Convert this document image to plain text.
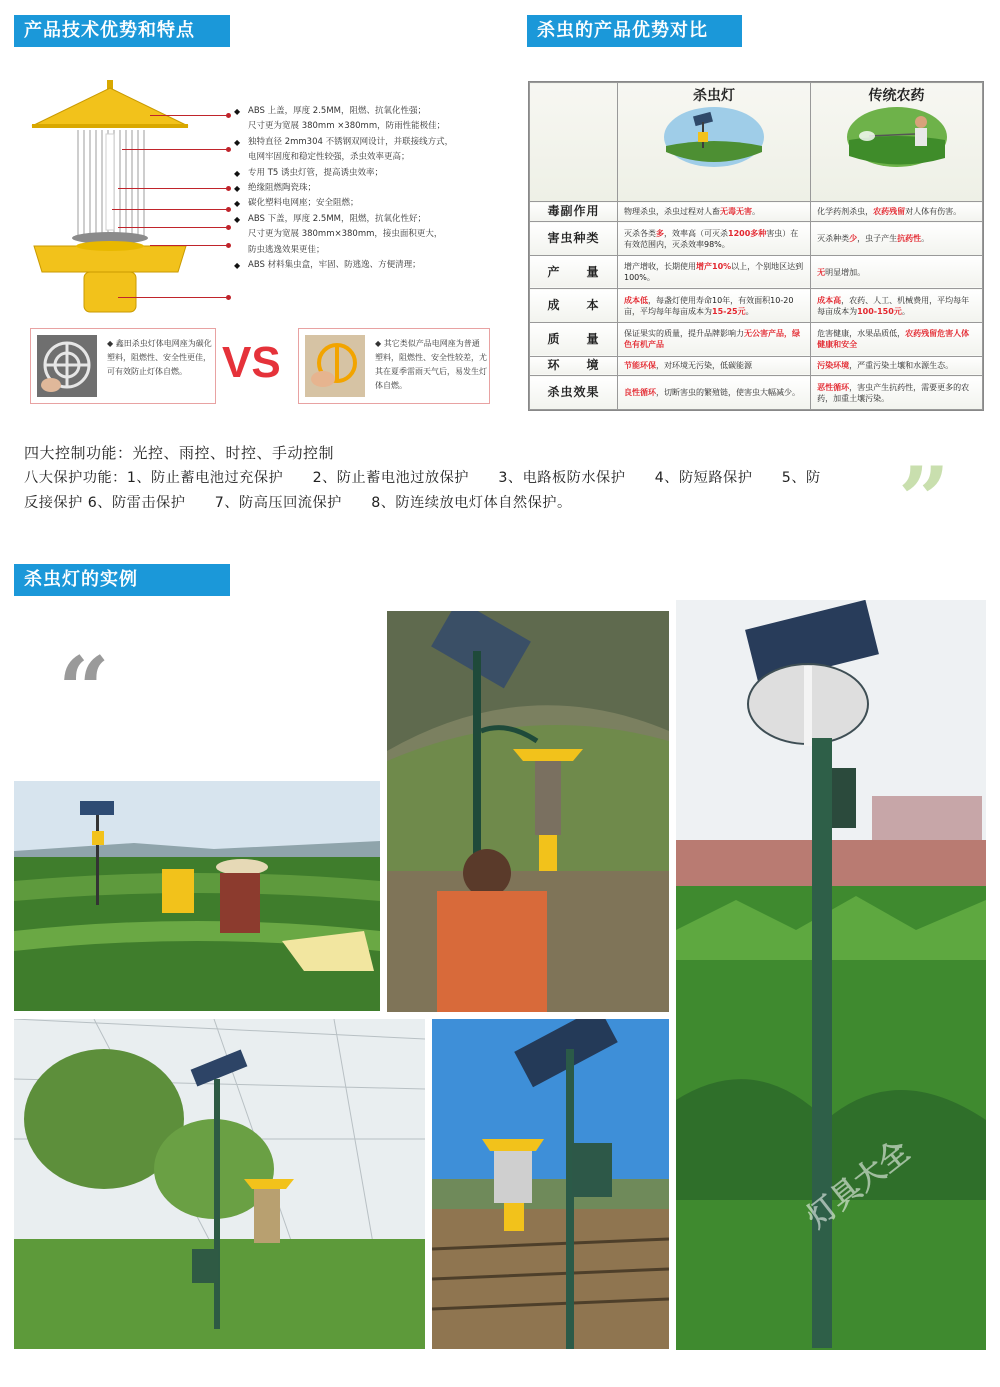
产品技术优势和特点	杀虫的产品优势对比
杀虫灯的实例
◆ ABS 上盖，厚度 2.5MM，阻燃、抗氧化性强；
尺寸更为宽展 380mm ×380mm，防雨性能极佳；
◆ 独特直径 2mm304 不锈钢双网设计，并联接线方式，
电网牢固度和稳定性较强，杀虫效率更高；
◆ 专用 T5 诱虫灯管，提高诱虫效率；
◆ 绝缘阻燃陶瓷珠；
◆ 碳化塑料电网座；安全阻燃；
◆ ABS 下盖，厚度 2.5MM，阻燃，抗氧化性好；
尺寸更为宽展 380mm×380mm，接虫面积更大，
防虫逃逸效果更佳；
◆ ABS 材料集虫盒，牢固、防逃逸、方便清理；
◆ 鑫田杀虫灯体电网座为碳化塑料，阻燃性、安全性更佳，可有效防止灯体自燃。 VS	◆ 其它类似产品电网座为普通塑料，阻燃性、安全性较差，尤其在夏季雷雨天气后，易发生灯体自燃。

	杀虫灯	传统农药

毒副作用	物理杀虫，杀虫过程对人畜无毒无害。	化学药剂杀虫，农药残留对人体有伤害。
害虫种类	灭杀各类多，效率高（可灭杀1200多种害虫）在有效范围内，灭杀效率98%。	灭杀种类少，虫子产生抗药性。
产　　量	增产增收，长期使用增产10%以上，个别地区达到100%。	无明显增加。
成　　本	成本低，每盏灯使用寿命10年，有效面积10-20亩，平均每年每亩成本为15-25元。	成本高，农药、人工、机械费用，平均每年每亩成本为100-150元。
质　　量	保证果实的质量，提升品牌影响力无公害产品，绿色有机产品	危害健康，水果品质低，农药残留危害人体健康和安全
环　　境	节能环保，对环境无污染，低碳能源	污染环境，严重污染土壤和水源生态。
杀虫效果	良性循环，切断害虫的繁殖链，使害虫大幅减少。	恶性循环，害虫产生抗药性，需要更多的农药，加重土壤污染。
四大控制功能：光控、雨控、时控、手动控制
八大保护功能：1、防止蓄电池过充保护　　2、防止蓄电池过放保护　　3、电路板防水保护　　4、防短路保护　　5、防
反接保护 6、防雷击保护　　7、防高压回流保护　　8、防连续放电灯体自然保护。	”
“
灯具大全
